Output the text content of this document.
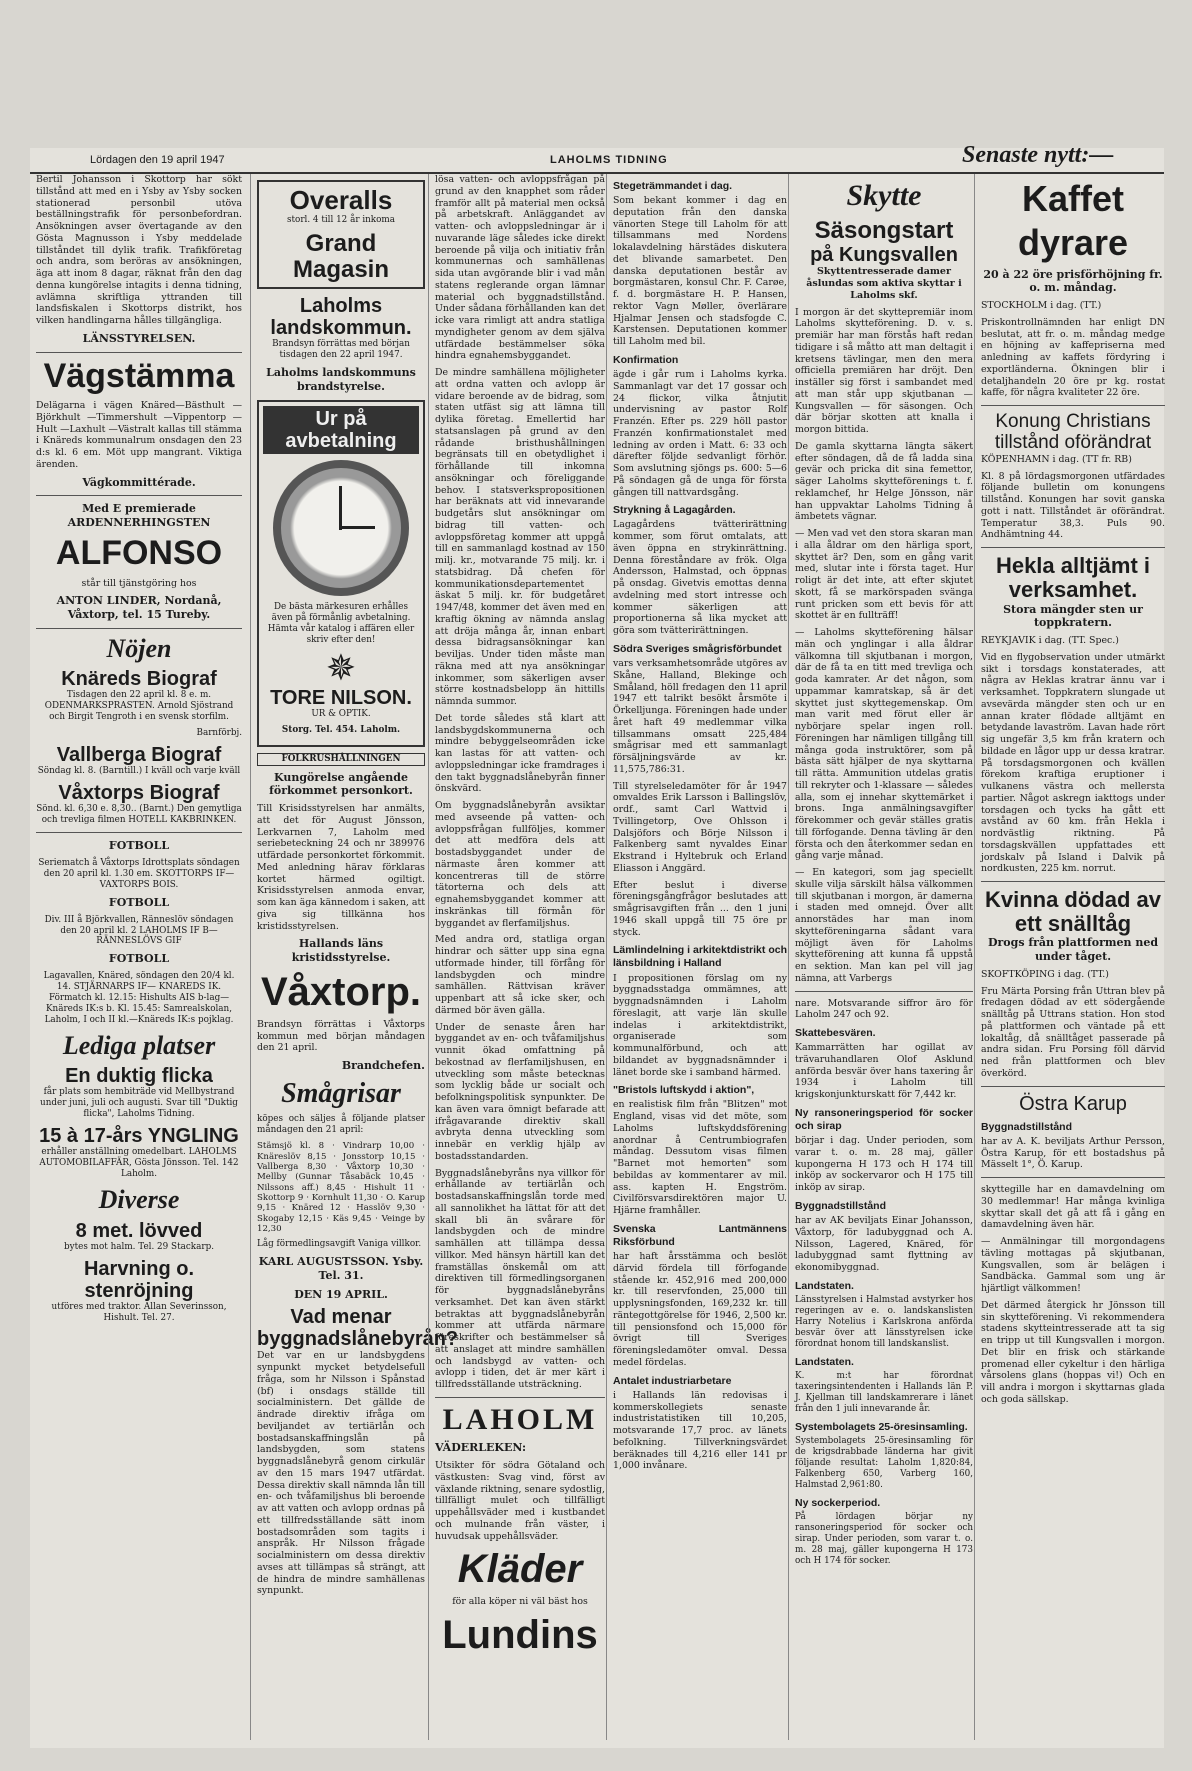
Lördagen den 19 april 1947	LAHOLMS TIDNING	Senaste nytt:—

Bertil Johansson i Skottorp har sökt tillstånd att med en i Ysby av Ysby socken stationerad personbil utöva beställningstrafik för personbefordran. Ansökningen avser övertagande av den Gösta Magnusson i Ysby meddelade tillståndet till dylik trafik. Trafikföretag och andra, som beröras av ansökningen, äga att inom 8 dagar, räknat från den dag denna kungörelse intagits i denna tidning, avlämna skriftliga yttranden till landsfiskalen i Skottorps distrikt, hos vilken handlingarna hålles tillgängliga.

LÄNSSTYRELSEN.

Vägstämma

Delägarna i vägen Knäred—Bästhult —Björkhult —Timmershult —Vippentorp —Hult —Laxhult —Västralt kallas till stämma i Knäreds kommunalrum onsdagen den 23 d:s kl. 6 em. Möt upp mangrant. Viktiga ärenden.

Vägkommittérade.

Med E premierade ARDENNERHINGSTEN

ALFONSO

står till tjänstgöring hos

ANTON LINDER, Nordanå, Våxtorp, tel. 15 Tureby.

Nöjen
Knäreds Biograf

Tisdagen den 22 april kl. 8 e. m. ODENMARKSPRASTEN. Arnold Sjöstrand och Birgit Tengroth i en svensk storfilm.

Barnförbj.

Vallberga Biograf

Söndag kl. 8. (Barntill.) I kväll och varje kväll

Våxtorps Biograf

Sönd. kl. 6,30 e. 8,30.. (Barnt.) Den gemytliga och trevliga filmen HOTELL KAKBRINKEN.

FOTBOLL

Seriematch å Våxtorps Idrottsplats söndagen den 20 april kl. 1.30 em. SKOTTORPS IF— VAXTORPS BOIS.

FOTBOLL

Div. III å Björkvallen, Ränneslöv söndagen den 20 april kl. 2 LAHOLMS IF B— RÄNNESLÖVS GIF

FOTBOLL

Lagavallen, Knäred, söndagen den 20/4 kl. 14. STJÄRNARPS IF— KNAREDS IK. Förmatch kl. 12.15: Hishults AIS b-lag—Knäreds IK:s b. Kl. 15.45: Samrealskolan, Laholm, I och II kl.—Knäreds IK:s pojklag.

Lediga platser
En duktig flicka

får plats som hembiträde vid Mellbystrand under juni, juli och augusti. Svar till "Duktig flicka", Laholms Tidning.

15 à 17-års YNGLING

erhåller anställning omedelbart. LAHOLMS AUTOMOBILAFFÄR, Gösta Jönsson. Tel. 142 Laholm.

Diverse
8 met. lövved

bytes mot halm. Tel. 29 Stackarp.

Harvning o. stenröjning

utföres med traktor. Allan Severinsson, Hishult. Tel. 27.

Overalls

storl. 4 till 12 år inkoma

Grand Magasin
Laholms landskommun.

Brandsyn förrättas med början tisdagen den 22 april 1947.

Laholms landskommuns brandstyrelse.

Ur på avbetalning

De bästa märkesuren erhålles även på förmånlig avbetalning. Hämta vår katalog i affären eller skriv efter den!

✵
TORE NILSON.

UR & OPTIK.

Storg. Tel. 454. Laholm.

FOLKRUSHÅLLNINGEN

Kungörelse angående förkommet personkort.

Till Krisidsstyrelsen har anmälts, att det för August Jönsson, Lerkvarnen 7, Laholm med seriebeteckning 24 och nr 389976 utfärdade personkortet förkommit. Med anledning härav förklaras kortet härmed ogiltigt. Krisidsstyrelsen anmoda envar, som kan äga kännedom i saken, att giva sig tillkänna hos kristidsstyrelsen.

Hallands läns kristidsstyrelse.

Våxtorp.

Brandsyn förrättas i Våxtorps kommun med början måndagen den 21 april.

Brandchefen.

Smågrisar

köpes och säljes å följande platser måndagen den 21 april:

Stämsjö kl. 8 · Vindrarp 10,00 · Knäreslöv 8,15 · Jonsstorp 10,15 · Vallberga 8,30 · Våxtorp 10,30 · Mellby (Gunnar Tåsabäck 10,45 · Nilssons aff.) 8,45 · Hishult 11 · Skottorp 9 · Kornhult 11,30 · O. Karup 9,15 · Knäred 12 · Hasslöv 9,30 · Skogaby 12,15 · Käs 9,45 · Veinge by 12,30

Låg förmedlingsavgift Vaniga villkor.

KARL AUGUSTSSON. Ysby. Tel. 31.

DEN 19 APRIL.

Vad menar byggnadslånebyrån?

Det var en ur landsbygdens synpunkt mycket betydelsefull fråga, som hr Nilsson i Spånstad (bf) i onsdags ställde till socialministern. Det gällde de ändrade direktiv ifråga om beviljandet av tertiärlån och bostadsanskaffningslån på landsbygden, som statens byggnadslånebyrå genom cirkulär av den 15 mars 1947 utfärdat. Dessa direktiv skall nämnda lån till en- och tvåfamiljshus bli beroende av att vatten och avlopp ordnas på ett tillfredsställande sätt inom bostadsområden som tagits i anspråk. Hr Nilsson frågade socialministern om dessa direktiv avses att tillämpas så strängt, att de hindra de mindre samhällenas synpunkt.

lösa vatten- och avloppsfrågan på grund av den knapphet som råder framför allt på material men också på arbetskraft. Anläggandet av vatten- och avloppsledningar är i nuvarande läge således icke direkt beroende på vilja och initiativ från kommunernas och samhällenas sida utan avgörande blir i vad mån statens reglerande organ lämnar material och byggnadstillstånd. Under sådana förhållanden kan det icke vara rimligt att andra statliga myndigheter genom av dem själva utfärdade bestämmelser söka hindra egnahemsbyggandet.

De mindre samhällena möjligheter att ordna vatten och avlopp är vidare beroende av de bidrag, som staten utfäst sig att lämna till dylika företag. Emellertid har statsanslagen på grund av den rådande bristhushållningen begränsats till en obetydlighet i förhållande till inkomna ansökningar och föreliggande behov. I statsverkspropositionen har beräknats att vid innevarande budgetårs slut ansökningar om bidrag till vatten- och avloppsföretag kommer att uppgå till en sammanlagd kostnad av 150 milj. kr., motvarande 75 milj. kr. i statsbidrag. Då chefen för kommunikationsdepartementet äskat 5 milj. kr. för budgetåret 1947/48, kommer det även med en kraftig ökning av nämnda anslag att dröja många år, innan enbart dessa bidragsansökningar kan beviljas. Under tiden måste man räkna med att nya ansökningar inkommer, som säkerligen avser större kostnadsbelopp än hittills nämnda summor.

Det torde således stå klart att landsbygdskommunerna och mindre bebyggelseområden icke kan lastas för att vatten- och avloppsledningar icke framdrages i den takt byggnadslånebyrån finner önskvärd.

Om byggnadslånebyrån avsiktar med avseende på vatten- och avloppsfrågan fullföljes, kommer det att medföra dels att bostadsbyggandet under de närmaste åren kommer att koncentreras till de större tätorterna och dels att egnahemsbyggandet kommer att inskränkas till förmån för byggandet av flerfamiljshus.

Med andra ord, statliga organ hindrar och sätter upp sina egna utformade hinder, till förfång för landsbygden och mindre samhällen. Rättvisan kräver uppenbart att så icke sker, och därmed bör även gälla.

Under de senaste åren har byggandet av en- och tvåfamiljshus vunnit ökad omfattning på bekostnad av flerfamiljshusen, en utveckling som måste betecknas som lycklig både ur socialt och befolkningspolitisk synpunkter. De kan även vara ömnigt befarade att ifrågavarande direktiv skall avbryta denna utveckling som innebär en verklig hjälp av bostadsstandarden.

Byggnadslånebyråns nya villkor för erhållande av tertiärlån och bostadsanskaffningslån torde med all sannolikhet ha lättat för att det skall bli än svårare för landsbygden och de mindre samhällen att tillämpa dessa villkor. Med hänsyn härtill kan det framställas önskemål om att direktiven till förmedlingsorganen för byggnadslånebyråns verksamhet. Det kan även stärkt betraktas att byggnadslånebyrån kommer att utfärda närmare föreskrifter och bestämmelser så att anslaget att mindre samhällen och landsbygd av vatten- och avlopp i tiden, det är mer kärt i tillfredsställande utsträckning.

LAHOLM

VÄDERLEKEN:

Utsikter för södra Götaland och västkusten: Svag vind, först av växlande riktning, senare sydostlig, tillfälligt mulet och tillfälligt uppehållsväder med i kustbandet och mulnande från väster, i huvudsak uppehållsväder.

Kläder

för alla köper ni väl bäst hos

Lundins
Stegeträmmandet i dag.

Som bekant kommer i dag en deputation från den danska vänorten Stege till Laholm för att tillsammans med Nordens lokalavdelning härstädes diskutera det blivande samarbetet. Den danska deputationen består av borgmästaren, konsul Chr. F. Carøe, f. d. borgmästare H. P. Hansen, rektor Vagn Møller, överlärare Hjalmar Jensen och stadsfogde C. Karstensen. Deputationen kommer till Laholm med bil.

Konfirmation

ägde i går rum i Laholms kyrka. Sammanlagt var det 17 gossar och 24 flickor, vilka åtnjutit undervisning av pastor Rolf Franzén. Efter ps. 229 höll pastor Franzén konfirmationstalet med ledning av orden i Matt. 6: 33 och därefter följde sedvanligt förhör. Som avslutning sjöngs ps. 600: 5—6 På söndagen gå de unga för första gången till nattvardsgång.

Strykning å Lagagården.

Lagagårdens tvätterirättning kommer, som förut omtalats, att även öppna en strykinrättning. Denna föreståndare av frök. Olga Andersson, Halmstad, och öppnas på onsdag. Givetvis emottas denna avdelning med stort intresse och kommer säkerligen att proportionerna så lika mycket att göra som tvätterirättningen.

Södra Sveriges smågrisförbundet

vars verksamhetsområde utgöres av Skåne, Halland, Blekinge och Småland, höll fredagen den 11 april 1947 ett talrikt besökt årsmöte i Örkelljunga. Föreningen hade under året haft 49 medlemmar vilka tillsammans omsatt 225,484 smågrisar med ett sammanlagt försäljningsvärde av kr. 11,575,786:31.

Till styrelseledamöter för år 1947 omvaldes Erik Larsson i Ballingslöv, ordf., samt Carl Wattvid i Tvillingetorp, Ove Ohlsson i Dalsjöfors och Börje Nilsson i Falkenberg samt nyvaldes Einar Ekstrand i Hyltebruk och Erland Eliasson i Anggärd.

Efter beslut i diverse föreningsgångfrågor beslutades att smågrisavgiften från ... den 1 juni 1946 skall uppgå till 75 öre pr styck.

Lämlindelning i arkitektdistrikt och länsbildning i Halland

I propositionen förslag om ny byggnadsstadga ommämnes, att byggnadsnämnden i Laholm föreslagit, att varje län skulle indelas i arkitektdistrikt, organiserade som kommunalförbund, och att bildandet av byggnadsnämnder i länet borde ske i samband härmed.

"Bristols luftskydd i aktion",

en realistisk film från "Blitzen" mot England, visas vid det möte, som Laholms luftskyddsförening anordnar å Centrumbiografen måndag. Dessutom visas filmen "Barnet mot hemorten" som bebildas av kommentarer av mil. ass. kapten H. Engström. Civilförsvarsdirektören major U. Hjärne framhåller.

Svenska Lantmännens Riksförbund

har haft årsstämma och beslöt därvid fördela till förfogande stående kr. 452,916 med 200,000 kr. till reservfonden, 25,000 till upplysningsfonden, 169,232 kr. till räntegottgörelse för 1946, 2,500 kr. till pensionsfond och 15,000 för övrigt till Sveriges föreningsledamöter omval. Dessa medel fördelas.

Antalet industriarbetare

i Hallands län redovisas i kommerskollegiets senaste industristatistiken till 10,205, motsvarande 17,7 proc. av länets befolkning. Tillverkningsvärdet beräknades till 4,216 eller 141 pr 1,000 invånare.

Skytte
Säsongstart
på Kungsvallen

Skyttentresserade damer åslundas som aktiva skyttar i Laholms skf.

I morgon är det skyttepremiär inom Laholms skytteförening. D. v. s. premiär har man förstås haft redan tidigare i så måtto att man deltagit i kretsens tävlingar, men den mera officiella premiären har dröjt. Den inställer sig först i sambandet med att man står upp skjutbanan — Kungsvallen — för säsongen. Och där börjar skotten att knalla i morgon bittida.

De gamla skyttarna längta säkert efter söndagen, då de få ladda sina gevär och pricka dit sina femettor, säger Laholms skytteförenings t. f. reklamchef, hr Helge Jönsson, när han uppvaktar Laholms Tidning å ämbetets vägnar.

— Men vad vet den stora skaran man i alla åldrar om den härliga sport, skyttet är? Den, som en gång varit med, slutar inte i första taget. Hur roligt är det inte, att efter skjutet skott, få se markörspaden svänga runt pricken som ett bevis för att skottet är en fullträff!

— Laholms skytteförening hälsar män och ynglingar i alla åldrar välkomna till skjutbanan i morgon, där de få ta en titt med trevliga och goda kamrater. Ar det någon, som uppammar kamratskap, så är det skyttet just skyttegemenskap. Om man varit med förut eller är nybörjare spelar ingen roll. Föreningen har nämligen tillgång till många goda instruktörer, som på bästa sätt hjälper de nya skyttarna till rätta. Ammunition utdelas gratis till rekryter och 1-klassare — således alla, som ej innehar skyttemärket i brons. Inga anmälningsavgifter förekommer och gevär ställes gratis till förfogande. Denna tävling är den första och den återkommer sedan en gång varje månad.

— En kategori, som jag speciellt skulle vilja särskilt hälsa välkommen till skjutbanan i morgon, är damerna i staden med omnejd. Över allt annorstädes har man inom skytteföreningarna sådant vara möjligt även för Laholms skytteförening att kunna få uppstå en sektion. Man kan pel vill jag nämna, att Varbergs

nare. Motsvarande siffror äro för Laholm 247 och 92.

Skattebesvären.

Kammarrätten har ogillat av trävaruhandlaren Olof Asklund anförda besvär över hans taxering år 1934 i Laholm till krigskonjunkturskatt för 7,442 kr.

Ny ransoneringsperiod för socker och sirap

börjar i dag. Under perioden, som varar t. o. m. 28 maj, gäller kupongerna H 173 och H 174 till inköp av sockervaror och H 175 till inköp av sirap.

Byggnadstillstånd

har av AK beviljats Einar Johansson, Våxtorp, för ladubyggnad och A. Nilsson, Lagered, Knäred, för ladubyggnad samt flyttning av ekonomibyggnad.

Landstaten.

Länsstyrelsen i Halmstad avstyrker hos regeringen av e. o. landskanslisten Harry Notelius i Karlskrona anförda besvär över att länsstyrelsen icke förordnat honom till landskanslist.

Landstaten.

K. m:t har förordnat taxeringsintendenten i Hallands län P. J. Kjellman till landskamrerare i länet från den 1 juli innevarande år.

Systembolagets 25-öresinsamling.

Systembolagets 25-öresinsamling för de krigsdrabbade länderna har givit följande resultat: Laholm 1,820:84, Falkenberg 650, Varberg 160, Halmstad 2,961:80.

Ny sockerperiod.

På lördagen börjar ny ransoneringsperiod för socker och sirap. Under perioden, som varar t. o. m. 28 maj, gäller kupongerna H 173 och H 174 för socker.

Kaffet
dyrare

20 à 22 öre prisförhöjning fr. o. m. måndag.

STOCKHOLM i dag. (TT.)

Priskontrollnämnden har enligt DN beslutat, att fr. o. m. måndag medge en höjning av kaffepriserna med anledning av kaffets fördyring i exportländerna. Ökningen blir i detaljhandeln 20 öre pr kg. rostat kaffe, för några kvaliteter 22 öre.

Konung Christians tillstånd oförändrat

KÖPENHAMN i dag. (TT fr. RB)

Kl. 8 på lördagsmorgonen utfärdades följande bulletin om konungens tillstånd. Konungen har sovit ganska gott i natt. Tillståndet är oförändrat. Temperatur 38,3. Puls 90. Andhämtning 44.

Hekla alltjämt i verksamhet.

Stora mängder sten ur toppkratern.

REYKJAVIK i dag. (TT. Spec.)

Vid en flygobservation under utmärkt sikt i torsdags konstaterades, att några av Heklas kratrar ännu var i verksamhet. Toppkratern slungade ut avsevärda mängder sten och ur en annan krater flödade alltjämt en betydande lavaström. Lavan hade rört sig ungefär 3,5 km från kratern och bildade en lågor upp ur dessa kratrar. På torsdagsmorgonen och kvällen förekom kraftiga eruptioner i vulkanens västra och mellersta partier. Något askregn iakttogs under torsdagen och tycks ha gått ett avstånd av 60 km. från Hekla i nordvästlig riktning. På torsdagskvällen uppfattades ett jordskalv på Island i Dalvik på nordkusten, 225 km. norrut.

Kvinna dödad av ett snälltåg

Drogs från plattformen ned under tåget.

SKOFTKÖPING i dag. (TT.)

Fru Märta Porsing från Uttran blev på fredagen dödad av ett södergående snälltåg på Uttrans station. Hon stod på plattformen och väntade på ett lokaltåg, då snälltåget passerade på andra sidan. Fru Porsing föll därvid ned från plattformen och blev överkörd.

Östra Karup
Byggnadstillstånd

har av A. K. beviljats Arthur Persson, Östra Karup, för ett bostadshus på Mässelt 1°, Ö. Karup.

skyttegille har en damavdelning om 30 medlemmar! Har många kvinliga skyttar skall det gå att få i gång en damavdelning även här.

— Anmälningar till morgondagens tävling mottagas på skjutbanan, Kungsvallen, som är belägen i Sandbäcka. Gammal som ung är hjärtligt välkommen!

Det därmed återgick hr Jönsson till sin skytteförening. Vi rekommendera stadens skytteintresserade att ta sig en tripp ut till Kungsvallen i morgon. Det blir en frisk och stärkande promenad eller cykeltur i den härliga vårsolens glans (hoppas vi!) Och en vill andra i morgon i skyttarnas glada och goda sällskap.
